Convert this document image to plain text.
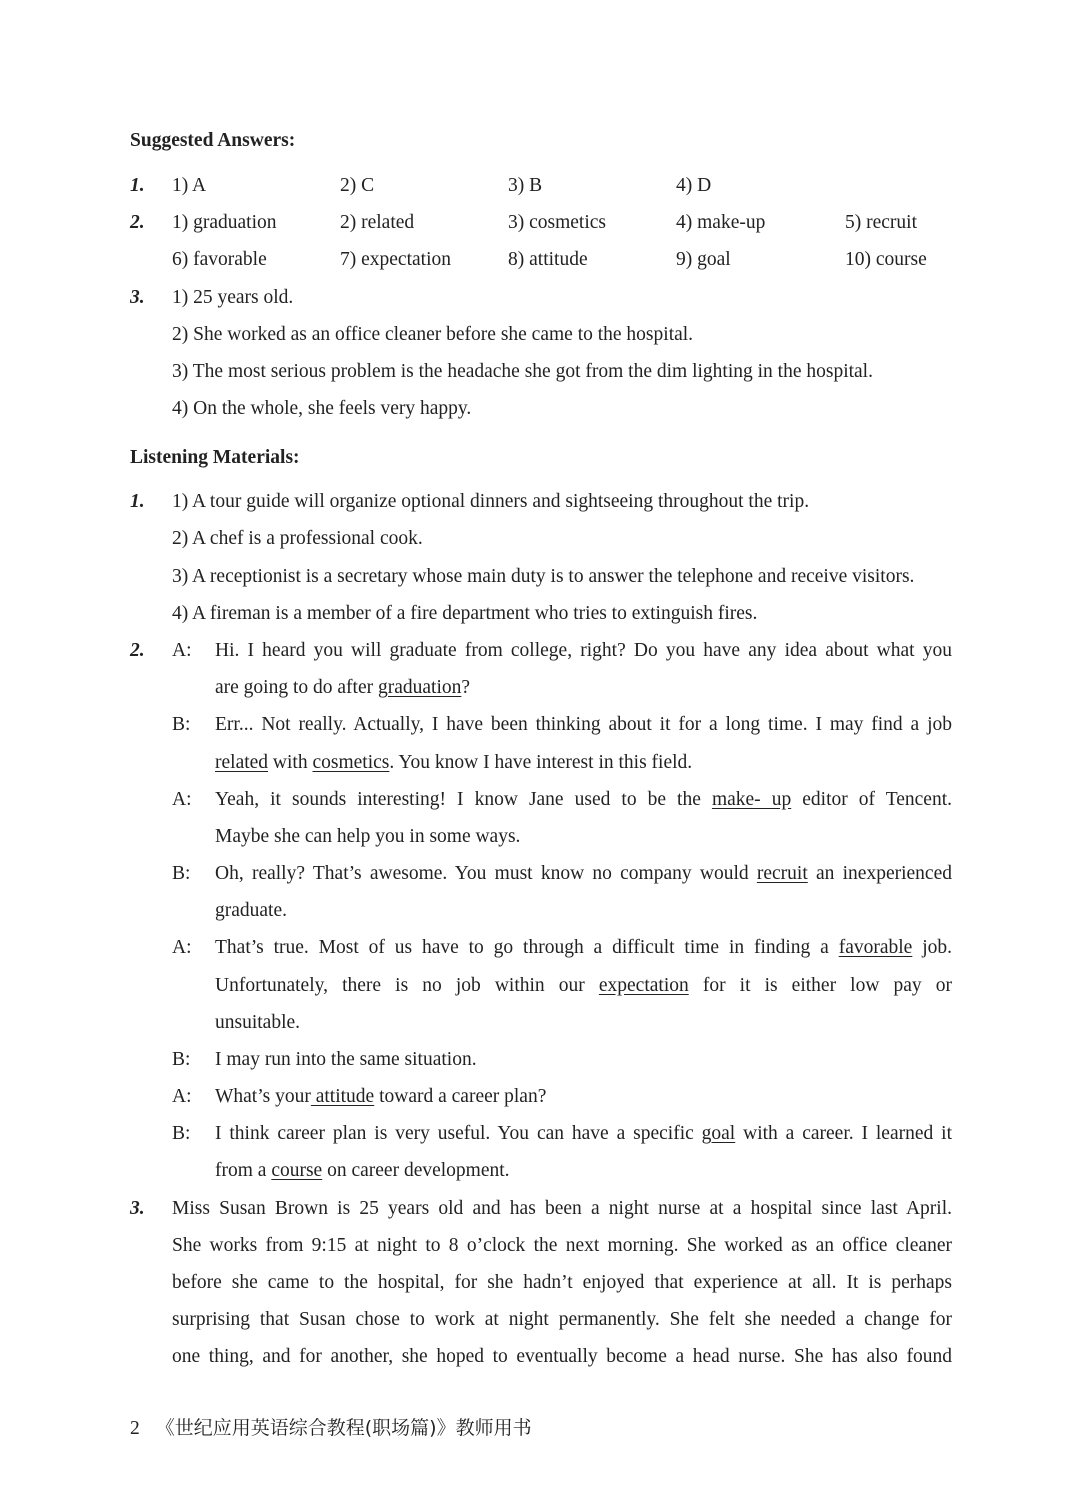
Suggested Answers:
1. 1) A	2) C	3) B	4) D
2. 1) graduation	2) related	3) cosmetics	4) make-up	5) recruit
6) favorable	7) expectation	8) attitude	9) goal	10) course
3. 1) 25 years old.
2) She worked as an office cleaner before she came to the hospital.
3) The most serious problem is the headache she got from the dim lighting in the hospital.
4) On the whole, she feels very happy.
Listening Materials:
1. 1) A tour guide will organize optional dinners and sightseeing throughout the trip.
2) A chef is a professional cook.
3) A receptionist is a secretary whose main duty is to answer the telephone and receive visitors.
4) A fireman is a member of a fire department who tries to extinguish fires.
2. A: Hi. I heard you will graduate from college, right? Do you have any idea about what you
are going to do after graduation?
B: Err... Not really. Actually, I have been thinking about it for a long time. I may find a job
related with cosmetics. You know I have interest in this field.
A: Yeah, it sounds interesting! I know Jane used to be the make- up editor of Tencent.
Maybe she can help you in some ways.
B: Oh, really? That’s awesome. You must know no company would recruit an inexperienced
graduate.
A: That’s true. Most of us have to go through a difficult time in finding a favorable job.
Unfortunately, there is no job within our expectation for it is either low pay or
unsuitable.
B: I may run into the same situation.
A: What’s your attitude toward a career plan?
B: I think career plan is very useful. You can have a specific goal with a career. I learned it
from a course on career development.
3. Miss Susan Brown is 25 years old and has been a night nurse at a hospital since last April.
She works from 9:15 at night to 8 o’clock the next morning. She worked as an office cleaner
before she came to the hospital, for she hadn’t enjoyed that experience at all. It is perhaps
surprising that Susan chose to work at night permanently. She felt she needed a change for
one thing, and for another, she hoped to eventually become a head nurse. She has also found
2 《世纪应用英语综合教程(职场篇)》教师用书
